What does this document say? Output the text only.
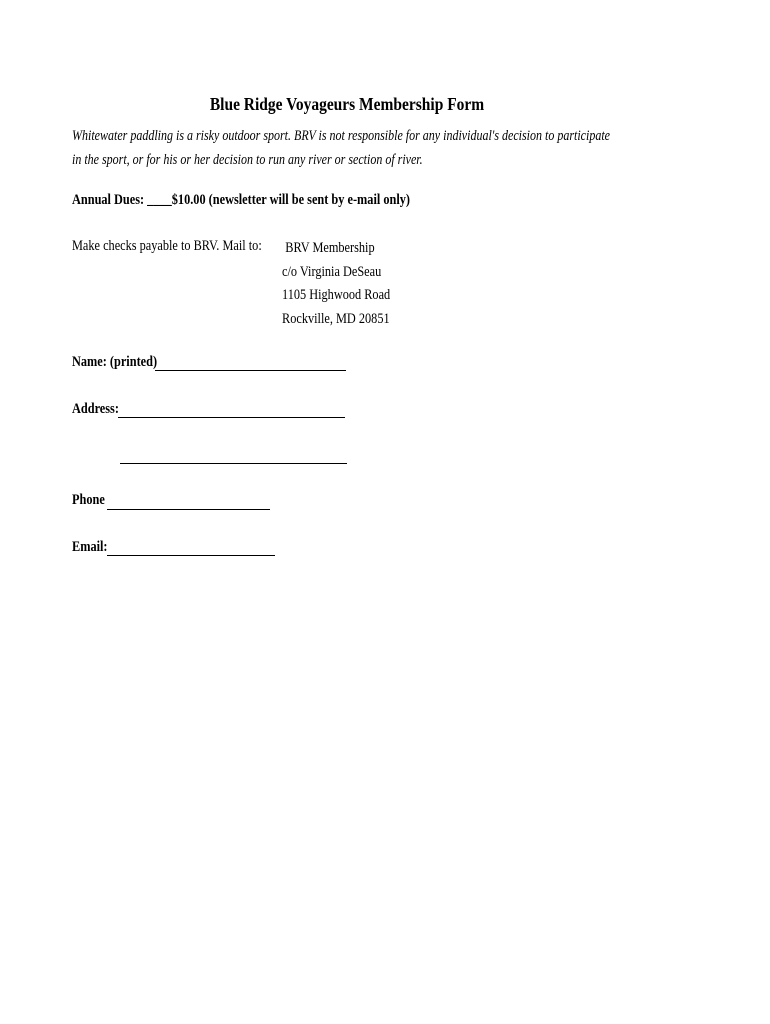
Blue Ridge Voyageurs Membership Form
Whitewater paddling is a risky outdoor sport. BRV is not responsible for any individual's decision to participate
in the sport, or for his or her decision to run any river or section of river.
Annual Dues: ____$10.00 (newsletter will be sent by e-mail only)
Make checks payable to BRV. Mail to: BRV Membership
c/o Virginia DeSeau
1105 Highwood Road
Rockville, MD 20851
Name: (printed)
Address:
Phone
Email:
